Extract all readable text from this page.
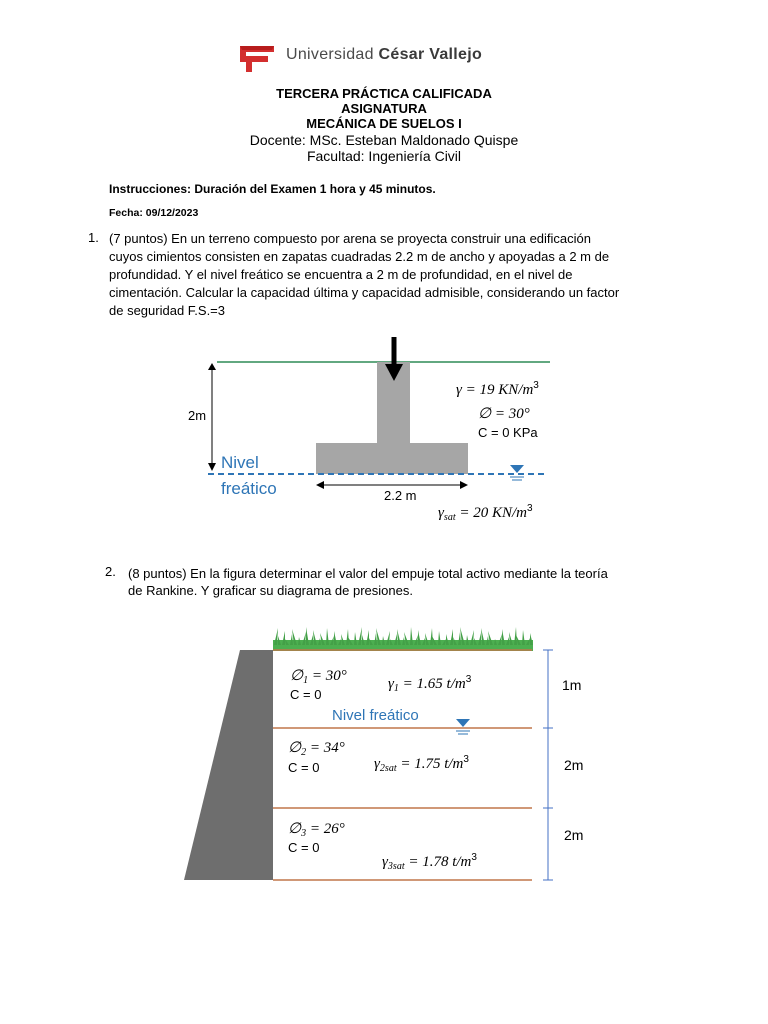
Universidad César Vallejo
TERCERA PRÁCTICA CALIFICADA
ASIGNATURA
MECÁNICA DE SUELOS I
Docente: MSc. Esteban Maldonado Quispe
Facultad: Ingeniería Civil
Instrucciones: Duración del Examen 1 hora y 45 minutos.
Fecha: 09/12/2023
1. (7 puntos) En un terreno compuesto por arena se proyecta construir una edificación
cuyos cimientos consisten en zapatas cuadradas 2.2 m de ancho y apoyadas a 2 m de
profundidad. Y el nivel freático se encuentra a 2 m de profundidad, en el nivel de
cimentación. Calcular la capacidad última y capacidad admisible, considerando un factor
de seguridad F.S.=3
2m
Nivel
freático	2.2 m
γ = 19 $KN/m^3$
∅ = 30°
C = 0 KPa
$\gamma_{sat} = 20$ $KN/m^3$
2. (8 puntos) En la figura determinar el valor del empuje total activo mediante la teoría
de Rankine. Y graficar su diagrama de presiones.
$\emptyset_1 = 30^\circ$
C = 0
$\gamma_1 = 1.65$ $t/m^3$
Nivel freático
$\emptyset_2 = 34^\circ$
C = 0	$\gamma_{2sat} = 1.75$ $t/m^3$
$\emptyset_3 = 26^\circ$
C = 0
$\gamma_{3sat} = 1.78$ $t/m^3$
1m
2m
2m
